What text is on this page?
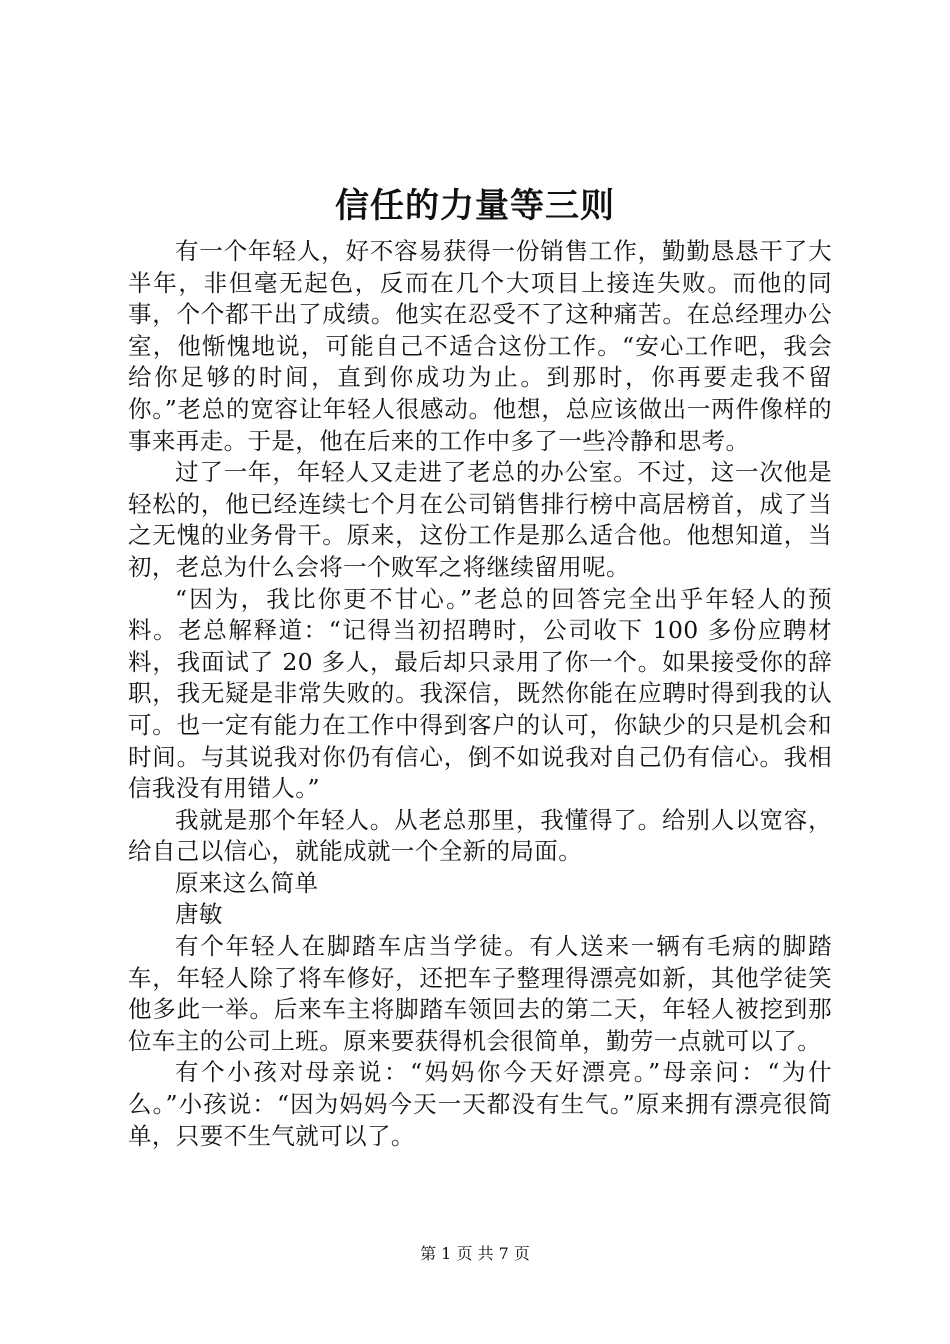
信任的力量等三则

有一个年轻人，好不容易获得一份销售工作，勤勤恳恳干了大半年，非但毫无起色，反而在几个大项目上接连失败。而他的同事，个个都干出了成绩。他实在忍受不了这种痛苦。在总经理办公室，他惭愧地说，可能自己不适合这份工作。“安心工作吧，我会给你足够的时间，直到你成功为止。到那时，你再要走我不留你。”老总的宽容让年轻人很感动。他想，总应该做出一两件像样的事来再走。于是，他在后来的工作中多了一些冷静和思考。

过了一年，年轻人又走进了老总的办公室。不过，这一次他是轻松的，他已经连续七个月在公司销售排行榜中高居榜首，成了当之无愧的业务骨干。原来，这份工作是那么适合他。他想知道，当初，老总为什么会将一个败军之将继续留用呢。

“因为，我比你更不甘心。”老总的回答完全出乎年轻人的预料。老总解释道：“记得当初招聘时，公司收下 100 多份应聘材料，我面试了 20 多人，最后却只录用了你一个。如果接受你的辞职，我无疑是非常失败的。我深信，既然你能在应聘时得到我的认可。也一定有能力在工作中得到客户的认可，你缺少的只是机会和时间。与其说我对你仍有信心，倒不如说我对自己仍有信心。我相信我没有用错人。”

我就是那个年轻人。从老总那里，我懂得了。给别人以宽容，给自己以信心，就能成就一个全新的局面。

原来这么简单

唐敏

有个年轻人在脚踏车店当学徒。有人送来一辆有毛病的脚踏车，年轻人除了将车修好，还把车子整理得漂亮如新，其他学徒笑他多此一举。后来车主将脚踏车领回去的第二天，年轻人被挖到那位车主的公司上班。原来要获得机会很简单，勤劳一点就可以了。

有个小孩对母亲说：“妈妈你今天好漂亮。”母亲问：“为什么。”小孩说：“因为妈妈今天一天都没有生气。”原来拥有漂亮很简单，只要不生气就可以了。

第 1 页 共 7 页
